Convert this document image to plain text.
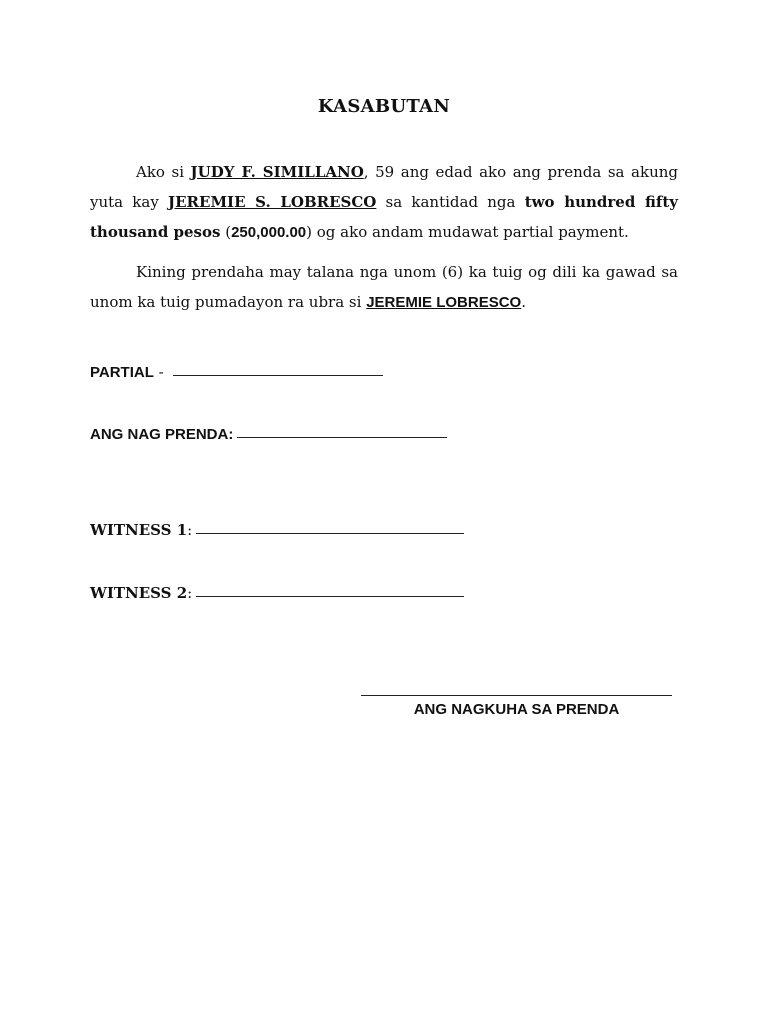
KASABUTAN
Ako si JUDY F. SIMILLANO, 59 ang edad ako ang prenda sa akung yuta kay JEREMIE S. LOBRESCO sa kantidad nga two hundred fifty thousand pesos (250,000.00) og ako andam mudawat partial payment.
Kining prendaha may talana nga unom (6) ka tuig og dili ka gawad sa unom ka tuig pumadayon ra ubra si JEREMIE LOBRESCO.
PARTIAL -
ANG NAG PRENDA:
WITNESS 1 :
WITNESS 2 :
ANG NAGKUHA SA PRENDA
